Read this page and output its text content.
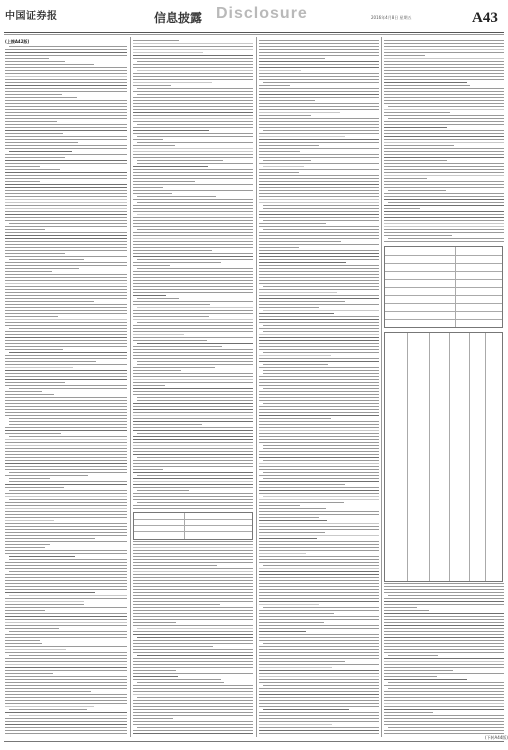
中国证券报	信息披露 Disclosure	2016年4月8日 星期五	A43
(上接A42版)
(下转A44版)
